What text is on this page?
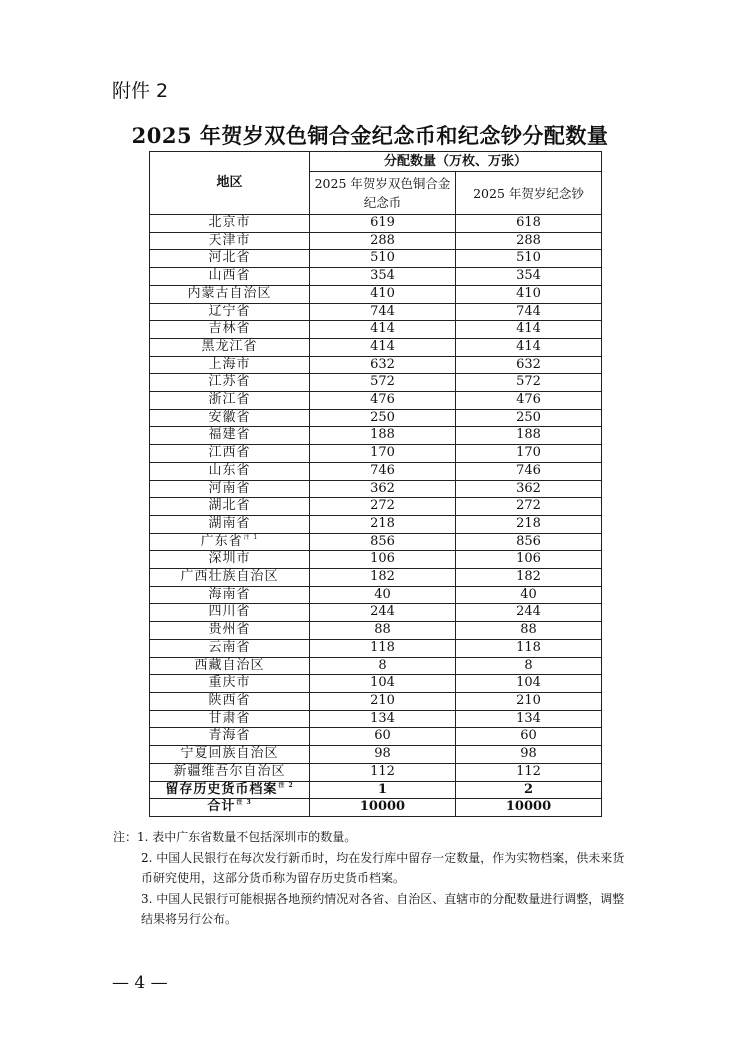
附件 2
2025 年贺岁双色铜合金纪念币和纪念钞分配数量
地区	分配数量（万枚、万张）	
	2025 年贺岁双色铜合金纪念币	2025 年贺岁纪念钞
北京市	619	618
天津市	288	288
河北省	510	510
山西省	354	354
内蒙古自治区	410	410
辽宁省	744	744
吉林省	414	414
黑龙江省	414	414
上海市	632	632
江苏省	572	572
浙江省	476	476
安徽省	250	250
福建省	188	188
江西省	170	170
山东省	746	746
河南省	362	362
湖北省	272	272
湖南省	218	218
广东省$^{注 1}$	856	856
深圳市	106	106
广西壮族自治区	182	182
海南省	40	40
四川省	244	244
贵州省	88	88
云南省	118	118
西藏自治区	8	8
重庆市	104	104
陕西省	210	210
甘肃省	134	134
青海省	60	60
宁夏回族自治区	98	98
新疆维吾尔自治区	112	112
留存历史货币档案$^{注 2}$	1	2
合计$^{注 3}$	10000	10000

注：1. 表中广东省数量不包括深圳市的数量。

2. 中国人民银行在每次发行新币时，均在发行库中留存一定数量，作为实物档案，供未来货币研究使用，这部分货币称为留存历史货币档案。

3. 中国人民银行可能根据各地预约情况对各省、自治区、直辖市的分配数量进行调整，调整结果将另行公布。

— 4 —
